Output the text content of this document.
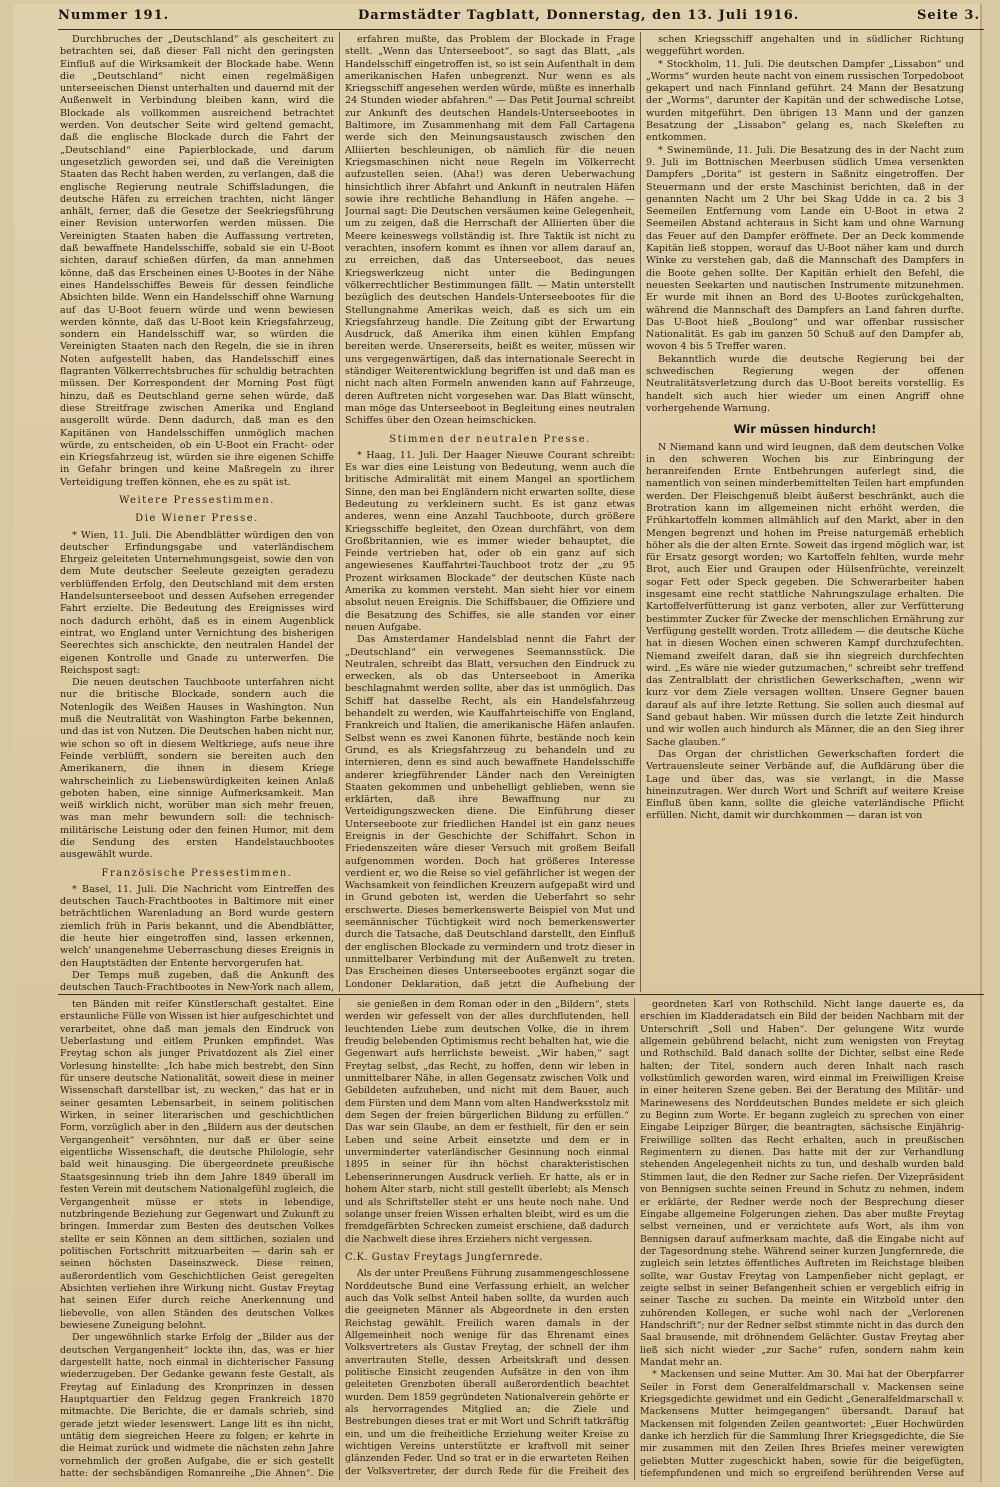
Nummer 191.	Darmstädter Tagblatt, Donnerstag, den 13. Juli 1916.	Seite 3.

Durchbruches der „Deutschland“ als gescheitert zu betrachten sei, daß dieser Fall nicht den geringsten Einfluß auf die Wirksamkeit der Blockade habe. Wenn die „Deutschland“ nicht einen regelmäßigen unterseeischen Dienst unterhalten und dauernd mit der Außenwelt in Verbindung bleiben kann, wird die Blockade als vollkommen ausreichend betrachtet werden. Von deutscher Seite wird geltend gemacht, daß die englische Blockade durch die Fahrt der „Deutschland“ eine Papierblockade, und darum ungesetzlich geworden sei, und daß die Vereinigten Staaten das Recht haben werden, zu verlangen, daß die englische Regierung neutrale Schiffsladungen, die deutsche Häfen zu erreichen trachten, nicht länger anhält, ferner, daß die Gesetze der Seekriegsführung einer Revision unterworfen werden müssen. Die Vereinigten Staaten haben die Auffassung vertreten, daß bewaffnete Handelsschiffe, sobald sie ein U-Boot sichten, darauf schießen dürfen, da man annehmen könne, daß das Erscheinen eines U-Bootes in der Nähe eines Handelsschiffes Beweis für dessen feindliche Absichten bilde. Wenn ein Handelsschiff ohne Warnung auf das U-Boot feuern würde und wenn bewiesen werden könnte, daß das U-Boot kein Kriegsfahrzeug, sondern ein Handelsschiff war, so würden die Vereinigten Staaten nach den Regeln, die sie in ihren Noten aufgestellt haben, das Handelsschiff eines flagranten Völkerrechtsbruches für schuldig betrachten müssen. Der Korrespondent der Morning Post fügt hinzu, daß es Deutschland gerne sehen würde, daß diese Streitfrage zwischen Amerika und England ausgerollt würde. Denn dadurch, daß man es den Kapitänen von Handelsschiffen unmöglich machen würde, zu entscheiden, ob ein U-Boot ein Fracht- oder ein Kriegsfahrzeug ist, würden sie ihre eigenen Schiffe in Gefahr bringen und keine Maßregeln zu ihrer Verteidigung treffen können, ehe es zu spät ist.

Weitere Pressestimmen.
Die Wiener Presse.

* Wien, 11. Juli. Die Abendblätter würdigen den von deutscher Erfindungsgabe und vaterländischem Ehrgeiz geleiteten Unternehmungsgeist, sowie den von dem Mute deutscher Seeleute gezeigten geradezu verblüffenden Erfolg, den Deutschland mit dem ersten Handelsunterseeboot und dessen Aufsehen erregender Fahrt erzielte. Die Bedeutung des Ereignisses wird noch dadurch erhöht, daß es in einem Augenblick eintrat, wo England unter Vernichtung des bisherigen Seerechtes sich anschickte, den neutralen Handel der eigenen Kontrolle und Gnade zu unterwerfen. Die Reichspost sagt:

Die neuen deutschen Tauchboote unterfahren nicht nur die britische Blockade, sondern auch die Notenlogik des Weißen Hauses in Washington. Nun muß die Neutralität von Washington Farbe bekennen, und das ist von Nutzen. Die Deutschen haben nicht nur, wie schon so oft in diesem Weltkriege, aufs neue ihre Feinde verblüfft, sondern sie bereiten auch den Amerikanern, die ihnen in diesem Kriege wahrscheinlich zu Liebenswürdigkeiten keinen Anlaß geboten haben, eine sinnige Aufmerksamkeit. Man weiß wirklich nicht, worüber man sich mehr freuen, was man mehr bewundern soll: die technisch-militärische Leistung oder den feinen Humor, mit dem die Sendung des ersten Handelstauchbootes ausgewählt wurde.

Französische Pressestimmen.

* Basel, 11. Juli. Die Nachricht vom Eintreffen des deutschen Tauch-Frachtbootes in Baltimore mit einer beträchtlichen Warenladung an Bord wurde gestern ziemlich früh in Paris bekannt, und die Abendblätter, die heute hier eingetroffen sind, lassen erkennen, welch' unangenehme Ueberraschung dieses Ereignis in den Hauptstädten der Entente hervorgerufen hat.

Der Temps muß zugeben, daß die Ankunft des deutschen Tauch-Frachtbootes in New-York nach allem,

erfahren mußte, das Problem der Blockade in Frage stellt. „Wenn das Unterseeboot“, so sagt das Blatt, „als Handelsschiff eingetroffen ist, so ist sein Aufenthalt in dem amerikanischen Hafen unbegrenzt. Nur wenn es als Kriegsschiff angesehen werden würde, müßte es innerhalb 24 Stunden wieder abfahren.“ — Das Petit Journal schreibt zur Ankunft des deutschen Handels-Unterseebootes in Baltimore, im Zusammenhang mit dem Fall Cartagena werde sich den Meinungsaustausch zwischen den Alliierten beschleunigen, ob nämlich für die neuen Kriegsmaschinen nicht neue Regeln im Völkerrecht aufzustellen seien. (Aha!) was deren Ueberwachung hinsichtlich ihrer Abfahrt und Ankunft in neutralen Häfen sowie ihre rechtliche Behandlung in Häfen angehe. — Journal sagt: Die Deutschen versäumen keine Gelegenheit, um zu zeigen, daß die Herrschaft der Alliierten über die Meere keineswegs vollständig ist. Ihre Taktik ist nicht zu verachten, insofern kommt es ihnen vor allem darauf an, zu erreichen, daß das Unterseeboot, das neues Kriegswerkzeug nicht unter die Bedingungen völkerrechtlicher Bestimmungen fällt. — Matin unterstellt bezüglich des deutschen Handels-Unterseebootes für die Stellungnahme Amerikas weich, daß es sich um ein Kriegsfahrzeug handle. Die Zeitung gibt der Erwartung Ausdruck, daß Amerika ihm einen kühlen Empfang bereiten werde. Unsererseits, heißt es weiter, müssen wir uns vergegenwärtigen, daß das internationale Seerecht in ständiger Weiterentwicklung begriffen ist und daß man es nicht nach alten Formeln anwenden kann auf Fahrzeuge, deren Auftreten nicht vorgesehen war. Das Blatt wünscht, man möge das Unterseeboot in Begleitung eines neutralen Schiffes über den Ozean heimschicken.

Stimmen der neutralen Presse.

* Haag, 11. Juli. Der Haager Nieuwe Courant schreibt: Es war dies eine Leistung von Bedeutung, wenn auch die britische Admiralität mit einem Mangel an sportlichem Sinne, den man bei Engländern nicht erwarten sollte, diese Bedeutung zu verkleinern sucht. Es ist ganz etwas anderes, wenn eine Anzahl Tauchboote, durch größere Kriegsschiffe begleitet, den Ozean durchfährt, von dem Großbritannien, wie es immer wieder behauptet, die Feinde vertrieben hat, oder ob ein ganz auf sich angewiesenes Kauffahrtei-Tauchboot trotz der „zu 95 Prozent wirksamen Blockade“ der deutschen Küste nach Amerika zu kommen versteht. Man sieht hier vor einem absolut neuen Ereignis. Die Schiffsbauer, die Offiziere und die Besatzung des Schiffes, sie alle standen vor einer neuen Aufgabe.

Das Amsterdamer Handelsblad nennt die Fahrt der „Deutschland“ ein verwegenes Seemannsstück. Die Neutralen, schreibt das Blatt, versuchen den Eindruck zu erwecken, als ob das Unterseeboot in Amerika beschlagnahmt werden sollte, aber das ist unmöglich. Das Schiff hat dasselbe Recht, als ein Handelsfahrzeug behandelt zu werden, wie Kauffahrteischiffe von England, Frankreich und Italien, die amerikanische Häfen anlaufen. Selbst wenn es zwei Kanonen führte, bestände noch kein Grund, es als Kriegsfahrzeug zu behandeln und zu internieren, denn es sind auch bewaffnete Handelsschiffe anderer kriegführender Länder nach den Vereinigten Staaten gekommen und unbehelligt geblieben, wenn sie erklärten, daß ihre Bewaffnung nur zu Verteidigungszwecken diene. Die Einführung dieser Unterseeboote zur friedlichen Handel ist ein ganz neues Ereignis in der Geschichte der Schiffahrt. Schon in Friedenszeiten wäre dieser Versuch mit großem Beifall aufgenommen worden. Doch hat größeres Interesse verdient er, wo die Reise so viel gefährlicher ist wegen der Wachsamkeit von feindlichen Kreuzern aufgepaßt wird und in Grund geboten ist, werden die Ueberfahrt so sehr erschwerte. Dieses bemerkenswerte Beispiel von Mut und seemännischer Tüchtigkeit wird noch bemerkenswerter durch die Tatsache, daß Deutschland darstellt, den Einfluß der englischen Blockade zu vermindern und trotz dieser in unmittelbarer Verbindung mit der Außenwelt zu treten. Das Erscheinen dieses Unterseebootes ergänzt sogar die Londoner Deklaration, daß jetzt die Aufhebung der

schen Kriegsschiff angehalten und in südlicher Richtung weggeführt worden.

* Stockholm, 11. Juli. Die deutschen Dampfer „Lissabon“ und „Worms“ wurden heute nacht von einem russischen Torpedoboot gekapert und nach Finnland geführt. 24 Mann der Besatzung der „Worms“, darunter der Kapitän und der schwedische Lotse, wurden mitgeführt. Den übrigen 13 Mann und der ganzen Besatzung der „Lissabon“ gelang es, nach Skeleften zu entkommen.

* Swinemünde, 11. Juli. Die Besatzung des in der Nacht zum 9. Juli im Bottnischen Meerbusen südlich Umea versenkten Dampfers „Dorita“ ist gestern in Saßnitz eingetroffen. Der Steuermann und der erste Maschinist berichten, daß in der genannten Nacht um 2 Uhr bei Skag Udde in ca. 2 bis 3 Seemeilen Entfernung vom Lande ein U-Boot in etwa 2 Seemeilen Abstand achteraus in Sicht kam und ohne Warnung das Feuer auf den Dampfer eröffnete. Der an Deck kommende Kapitän ließ stoppen, worauf das U-Boot näher kam und durch Winke zu verstehen gab, daß die Mannschaft des Dampfers in die Boote gehen sollte. Der Kapitän erhielt den Befehl, die neuesten Seekarten und nautischen Instrumente mitzunehmen. Er wurde mit ihnen an Bord des U-Bootes zurückgehalten, während die Mannschaft des Dampfers an Land fahren durfte. Das U-Boot hieß „Boulong“ und war offenbar russischer Nationalität. Es gab im ganzen 50 Schuß auf den Dampfer ab, wovon 4 bis 5 Treffer waren.

Bekanntlich wurde die deutsche Regierung bei der schwedischen Regierung wegen der offenen Neutralitätsverletzung durch das U-Boot bereits vorstellig. Es handelt sich auch hier wieder um einen Angriff ohne vorhergehende Warnung.

Wir müssen hindurch!

N Niemand kann und wird leugnen, daß dem deutschen Volke in den schweren Wochen bis zur Einbringung der heranreifenden Ernte Entbehrungen auferlegt sind, die namentlich von seinen minderbemittelten Teilen hart empfunden werden. Der Fleischgenuß bleibt äußerst beschränkt, auch die Brotration kann im allgemeinen nicht erhöht werden, die Frühkartoffeln kommen allmählich auf den Markt, aber in den Mengen begrenzt und hohen im Preise naturgemäß erheblich höher als die der alten Ernte. Soweit das irgend möglich war, ist für Ersatz gesorgt worden; wo Kartoffeln fehlten, wurde mehr Brot, auch Eier und Graupen oder Hülsenfrüchte, vereinzelt sogar Fett oder Speck gegeben. Die Schwerarbeiter haben insgesamt eine recht stattliche Nahrungszulage erhalten. Die Kartoffelverfütterung ist ganz verboten, aller zur Verfütterung bestimmter Zucker für Zwecke der menschlichen Ernährung zur Verfügung gestellt worden. Trotz allledem — die deutsche Küche hat in diesen Wochen einen schweren Kampf durchzufechten. Niemand zweifelt daran, daß sie ihn siegreich durchfechten wird. „Es wäre nie wieder gutzumachen,“ schreibt sehr treffend das Zentralblatt der christlichen Gewerkschaften, „wenn wir kurz vor dem Ziele versagen wollten. Unsere Gegner bauen darauf als auf ihre letzte Rettung. Sie sollen auch diesmal auf Sand gebaut haben. Wir müssen durch die letzte Zeit hindurch und wir wollen auch hindurch als Männer, die an den Sieg ihrer Sache glauben.“

Das Organ der christlichen Gewerkschaften fordert die Vertrauensleute seiner Verbände auf, die Aufklärung über die Lage und über das, was sie verlangt, in die Masse hineinzutragen. Wer durch Wort und Schrift auf weitere Kreise Einfluß üben kann, sollte die gleiche vaterländische Pflicht erfüllen. Nicht, damit wir durchkommen — daran ist von

ten Bänden mit reifer Künstlerschaft gestaltet. Eine erstaunliche Fülle von Wissen ist hier aufgeschichtet und verarbeitet, ohne daß man jemals den Eindruck von Ueberlastung und eitlem Prunken empfindet. Was Freytag schon als junger Privatdozent als Ziel einer Vorlesung hinstellte: „Ich habe mich bestrebt, den Sinn für unsere deutsche Nationalität, soweit diese in meiner Wissenschaft darstellbar ist, zu wecken,“ das hat er in seiner gesamten Lebensarbeit, in seinem politischen Wirken, in seiner literarischen und geschichtlichen Form, vorzüglich aber in den „Bildern aus der deutschen Vergangenheit“ versöhnten, nur daß er über seine eigentliche Wissenschaft, die deutsche Philologie, sehr bald weit hinausging. Die übergeordnete preußische Staatsgesinnung trieb ihn dem Jahre 1849 überall im festen Verein mit deutschem Nationalgefühl zugleich, die Vergangenheit müsse er stets in lebendige, nutzbringende Beziehung zur Gegenwart und Zukunft zu bringen. Immerdar zum Besten des deutschen Volkes stellte er sein Können an dem sittlichen, sozialen und politischen Fortschritt mitzuarbeiten — darin sah er seinen höchsten Daseinszweck. Diese reinen, außerordentlich vom Geschichtlichen Geist geregelten Absichten verliehen ihre Wirkung nicht. Gustav Freytag hat seinen Eifer durch reiche Anerkennung und liebevolle, von allen Ständen des deutschen Volkes bewiesene Zuneigung belohnt.

Der ungewöhnlich starke Erfolg der „Bilder aus der deutschen Vergangenheit“ lockte ihn, das, was er hier dargestellt hatte, noch einmal in dichterischer Fassung wiederzugeben. Der Gedanke gewann feste Gestalt, als Freytag auf Einladung des Kronprinzen in dessen Hauptquartier den Feldzug gegen Frankreich 1870 mitmachte. Die Berichte, die er damals schrieb, sind gerade jetzt wieder lesenswert. Lange litt es ihn nicht, untätig dem siegreichen Heere zu folgen; er kehrte in die Heimat zurück und widmete die nächsten zehn Jahre vornehmlich der großen Aufgabe, die er sich gestellt hatte: der sechsbändigen Romanreihe „Die Ahnen“. Die

sie genießen in dem Roman oder in den „Bildern“, stets werden wir gefesselt von der alles durchflutenden, hell leuchtenden Liebe zum deutschen Volke, die in ihrem freudig belebenden Optimismus recht behalten hat, wie die Gegenwart aufs herrlichste beweist. „Wir haben,“ sagt Freytag selbst, „das Recht, zu hoffen, denn wir leben in unmittelbarer Nähe, in allen Gegensatz zwischen Volk und Gebildeten aufzuheben, und nicht mit dem Bauer, auch dem Fürsten und dem Mann vom alten Handwerksstolz mit dem Segen der freien bürgerlichen Bildung zu erfüllen.“ Das war sein Glaube, an dem er festhielt, für den er sein Leben und seine Arbeit einsetzte und dem er in unverminderter vaterländischer Gesinnung noch einmal 1895 in seiner für ihn höchst charakteristischen Lebenserinnerungen Ausdruck verlieh. Er hatte, als er in hohem Alter starb, nicht still gestellt überlebt; als Mensch und als Schriftsteller steht er uns heute noch nahe. Und solange unser freien Wissen erhalten bleibt, wird es um die fremdgefärbten Schrecken zumeist erschiene, daß dadurch die Nachwelt diese ihres Erziehers nicht vergessen.

C.K. Gustav Freytags Jungfernrede.

Als der unter Preußens Führung zusammengeschlossene Norddeutsche Bund eine Verfassung erhielt, an welcher auch das Volk selbst Anteil haben sollte, da wurden auch die geeigneten Männer als Abgeordnete in den ersten Reichstag gewählt. Freilich waren damals in der Allgemeinheit noch wenige für das Ehrenamt eines Volksvertreters als Gustav Freytag, der schnell der ihm anvertrauten Stelle, dessen Arbeitskraft und dessen politische Einsicht zeugenden Aufsätze in den von ihm geleiteten Grenzboten überall außerordentlich beachtet wurden. Dem 1859 gegründeten Nationalverein gehörte er als hervorragendes Mitglied an; die Ziele und Bestrebungen dieses trat er mit Wort und Schrift tatkräftig ein, und um die freiheitliche Erziehung weiter Kreise zu wichtigen Vereins unterstützte er kraftvoll mit seiner glänzenden Feder. Und so trat er in die erwarteten Reihen der Volksvertreter, der durch Rede für die Freiheit des

geordneten Karl von Rothschild. Nicht lange dauerte es, da erschien im Kladderadatsch ein Bild der beiden Nachbarn mit der Unterschrift „Soll und Haben“. Der gelungene Witz wurde allgemein gebührend belacht, nicht zum wenigsten von Freytag und Rothschild. Bald danach sollte der Dichter, selbst eine Rede halten; der Titel, sondern auch deren Inhalt nach rasch volkstümlich geworden waren, wird einmal im Freiwilligen Kreise in einer heiteren Szene geben. Bei der Beratung des Militär- und Marinewesens des Norddeutschen Bundes meldete er sich gleich zu Beginn zum Worte. Er begann zugleich zu sprechen von einer Eingabe Leipziger Bürger, die beantragten, sächsische Einjährig-Freiwillige sollten das Recht erhalten, auch in preußischen Regimentern zu dienen. Das hatte mit der zur Verhandlung stehenden Angelegenheit nichts zu tun, und deshalb wurden bald Stimmen laut, die den Redner zur Sache riefen. Der Vizepräsident von Bennigsen suchte seinen Freund in Schutz zu nehmen, indem er erklärte, der Redner werde noch der Besprechung dieser Eingabe allgemeine Folgerungen ziehen. Das aber mußte Freytag selbst verneinen, und er verzichtete aufs Wort, als ihm von Bennigsen darauf aufmerksam machte, daß die Eingabe nicht auf der Tagesordnung stehe. Während seiner kurzen Jungfernrede, die zugleich sein letztes öffentliches Auftreten im Reichstage bleiben sollte, war Gustav Freytag von Lampenfieber nicht geplagt, er zeigte selbst in seiner Befangenheit schien er vergeblich eifrig in seiner Tasche zu suchen. Da meinte ein Witzbold unter den zuhörenden Kollegen, er suche wohl nach der „Verlorenen Handschrift“; nur der Redner selbst stimmte nicht in das durch den Saal brausende, mit dröhnendem Gelächter. Gustav Freytag aber ließ sich nicht wieder „zur Sache“ rufen, sondern nahm kein Mandat mehr an.

* Mackensen und seine Mutter. Am 30. Mai hat der Oberpfarrer Seiler in Forst dem Generalfeldmarschall v. Mackensen seine Kriegsgedichte gewidmet und ein Gedicht „Generalfeldmarschall v. Mackensens Mutter heimgegangen“ übersandt. Darauf hat Mackensen mit folgenden Zeilen geantwortet: „Euer Hochwürden danke ich herzlich für die Sammlung Ihrer Kriegsgedichte, die Sie mir zusammen mit den Zeilen Ihres Briefes meiner verewigten geliebten Mutter zugeschickt haben, sowie für die beigefügten, tiefempfundenen und mich so ergreifend berührenden Verse auf
